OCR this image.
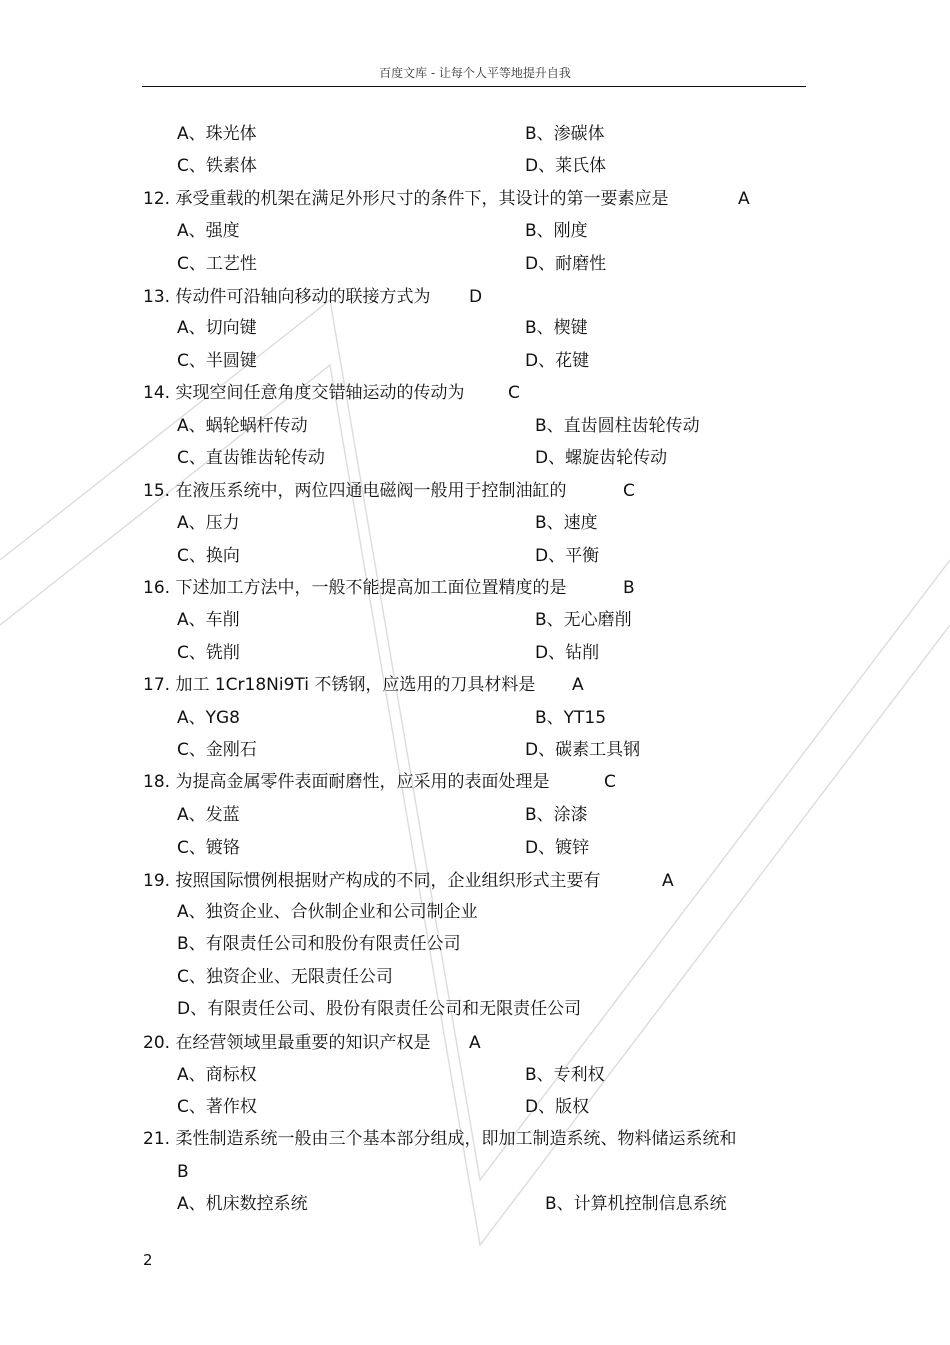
百度文库 - 让每个人平等地提升自我
A、珠光体	B、渗碳体
C、铁素体	D、莱氏体
12. 承受重载的机架在满足外形尺寸的条件下，其设计的第一要素应是	A
A、强度	B、刚度
C、工艺性	D、耐磨性
13. 传动件可沿轴向移动的联接方式为 D
A、切向键	B、楔键
C、半圆键	D、花键
14. 实现空间任意角度交错轴运动的传动为	C
A、蜗轮蜗杆传动	B、直齿圆柱齿轮传动
C、直齿锥齿轮传动	D、螺旋齿轮传动
15. 在液压系统中，两位四通电磁阀一般用于控制油缸的	C
A、压力	B、速度
C、换向	D、平衡
16. 下述加工方法中，一般不能提高加工面位置精度的是	B
A、车削	B、无心磨削
C、铣削	D、钻削
17. 加工 1Cr18Ni9Ti 不锈钢，应选用的刀具材料是 A
A、YG8	B、YT15
C、金刚石	D、碳素工具钢
18. 为提高金属零件表面耐磨性，应采用的表面处理是	C
A、发蓝	B、涂漆
C、镀铬	D、镀锌
19. 按照国际惯例根据财产构成的不同，企业组织形式主要有	A
A、独资企业、合伙制企业和公司制企业
B、有限责任公司和股份有限责任公司
C、独资企业、无限责任公司
D、有限责任公司、股份有限责任公司和无限责任公司
20. 在经营领域里最重要的知识产权是 A
A、商标权	B、专利权
C、著作权	D、版权
21. 柔性制造系统一般由三个基本部分组成，即加工制造系统、物料储运系统和
B
A、机床数控系统	B、计算机控制信息系统
2
